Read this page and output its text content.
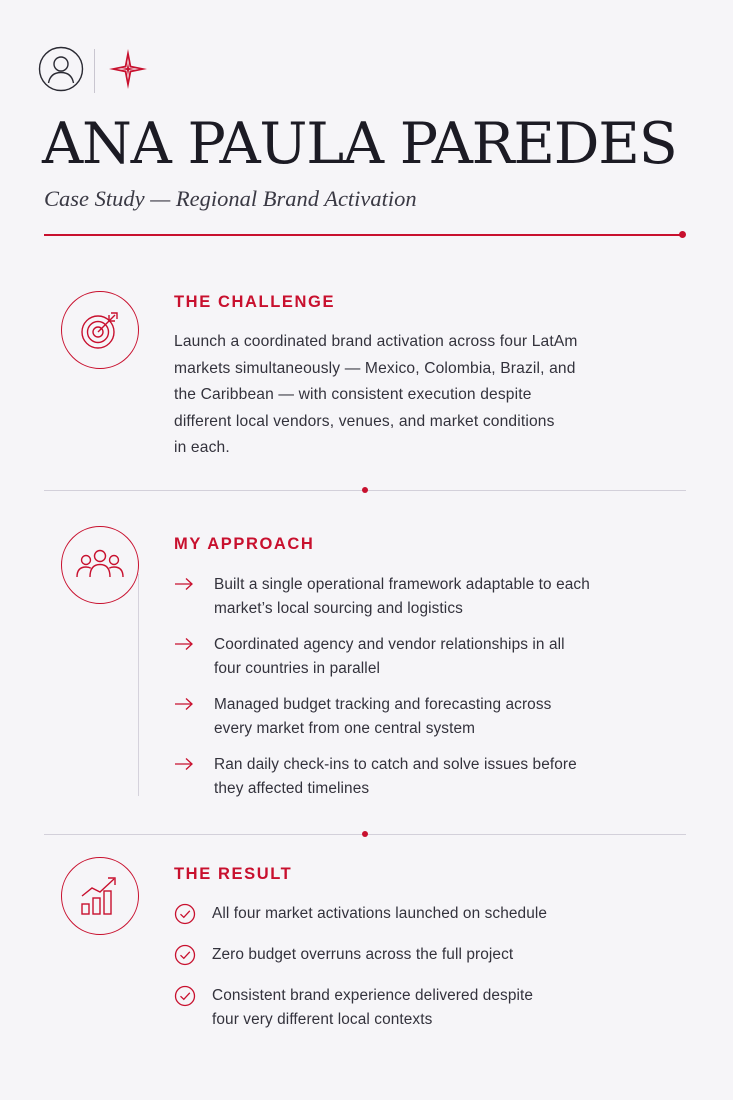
ANA PAULA PAREDES
Case Study — Regional Brand Activation
THE CHALLENGE
Launch a coordinated brand activation across four LatAm
markets simultaneously — Mexico, Colombia, Brazil, and
the Caribbean — with consistent execution despite
different local vendors, venues, and market conditions
in each.
MY APPROACH
Built a single operational framework adaptable to each
market’s local sourcing and logistics
Coordinated agency and vendor relationships in all
four countries in parallel
Managed budget tracking and forecasting across
every market from one central system
Ran daily check-ins to catch and solve issues before
they affected timelines
THE RESULT
All four market activations launched on schedule
Zero budget overruns across the full project
Consistent brand experience delivered despite
four very different local contexts
